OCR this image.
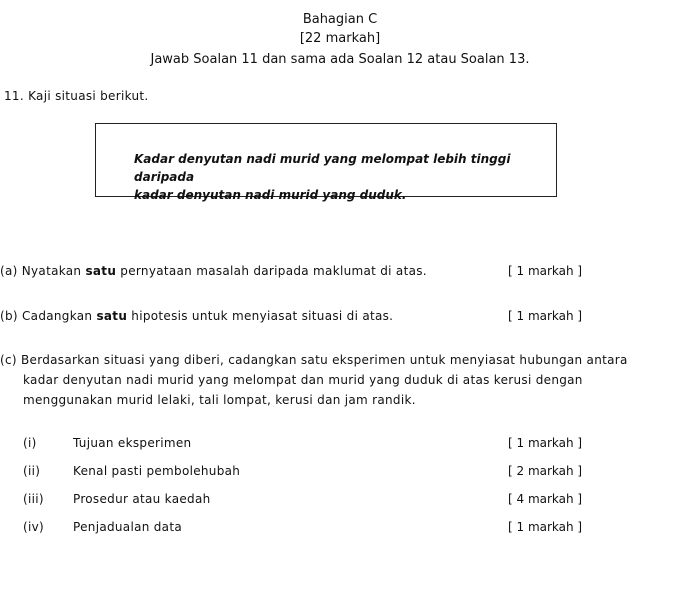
Bahagian C
[22 markah]
Jawab Soalan 11 dan sama ada Soalan 12 atau Soalan 13.
11. Kaji situasi berikut.
Kadar denyutan nadi murid yang melompat lebih tinggi daripada
kadar denyutan nadi murid yang duduk.
(a) Nyatakan satu pernyataan masalah daripada maklumat di atas.	[ 1 markah ]
(b) Cadangkan satu hipotesis untuk menyiasat situasi di atas.	[ 1 markah ]
(c) Berdasarkan situasi yang diberi, cadangkan satu eksperimen untuk menyiasat hubungan antara
kadar denyutan nadi murid yang melompat dan murid yang duduk di atas kerusi dengan
menggunakan murid lelaki, tali lompat, kerusi dan jam randik.
(i)	Tujuan eksperimen	[ 1 markah ]
(ii)	Kenal pasti pembolehubah	[ 2 markah ]
(iii) Prosedur atau kaedah	[ 4 markah ]
(iv) Penjadualan data	[ 1 markah ]
